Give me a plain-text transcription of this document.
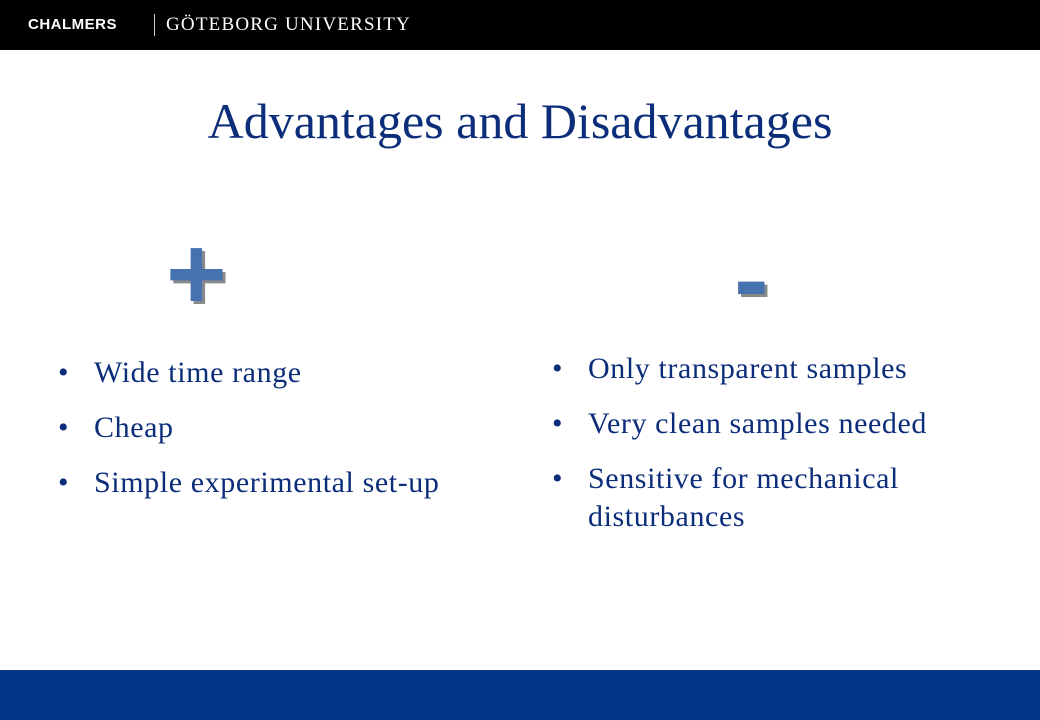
CHALMERS	GÖTEBORG UNIVERSITY
Advantages and Disadvantages
+	-
• Wide time range
• Cheap
• Simple experimental set-up
• Only transparent samples
• Very clean samples needed
• Sensitive for mechanical disturbances
